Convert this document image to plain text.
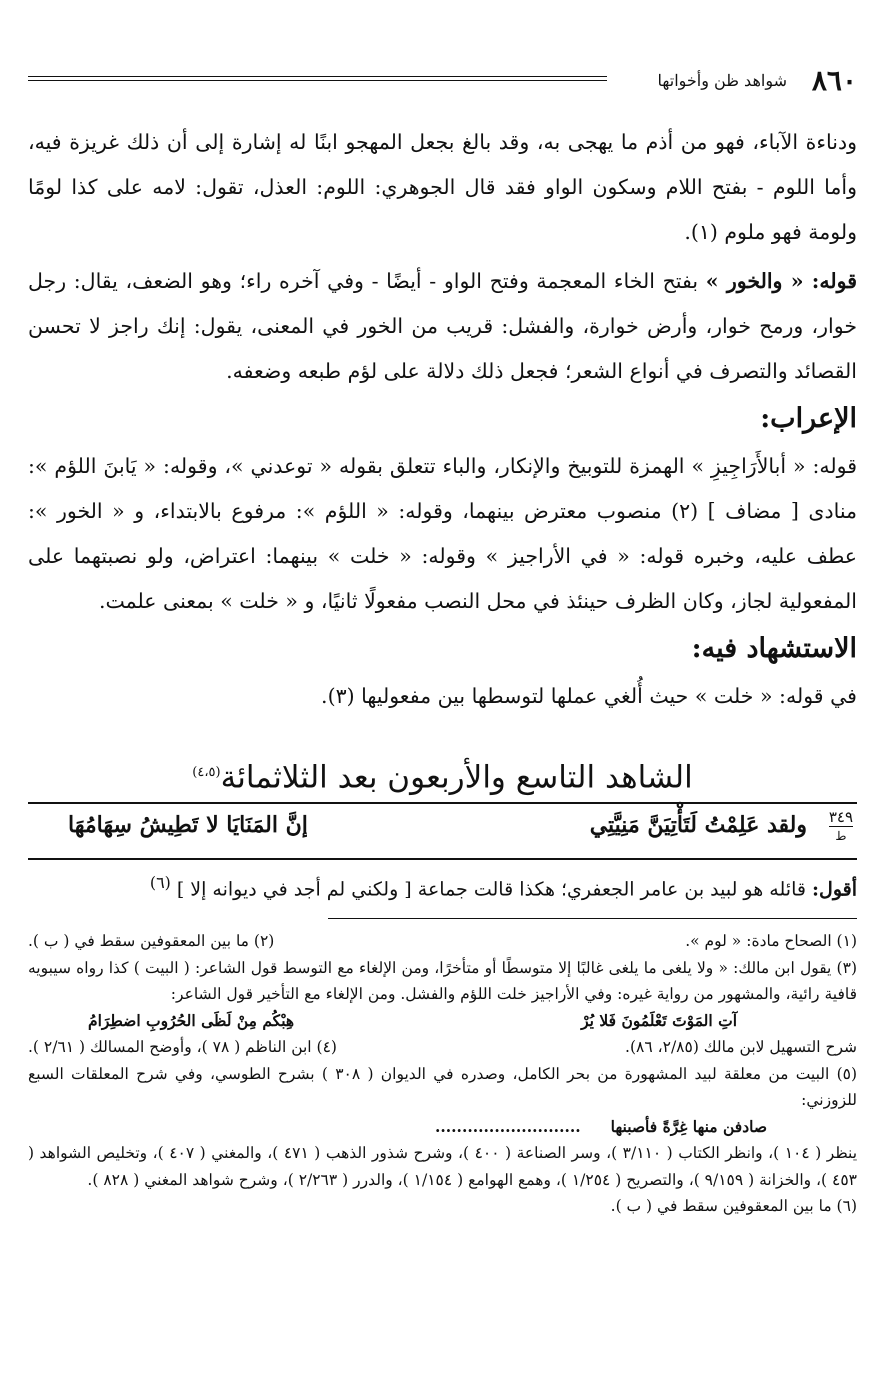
٨٦٠
شواهد ظن وأخواتها

ودناءة الآباء، فهو من أذم ما يهجى به، وقد بالغ بجعل المهجو ابنًا له إشارة إلى أن ذلك غريزة فيه، وأما اللوم - بفتح اللام وسكون الواو فقد قال الجوهري: اللوم: العذل، تقول: لامه على كذا لومًا ولومة فهو ملوم (١).

قوله: « والخور » بفتح الخاء المعجمة وفتح الواو - أيضًا - وفي آخره راء؛ وهو الضعف، يقال: رجل خوار، ورمح خوار، وأرض خوارة، والفشل: قريب من الخور في المعنى، يقول: إنك راجز لا تحسن القصائد والتصرف في أنواع الشعر؛ فجعل ذلك دلالة على لؤم طبعه وضعفه.

الإعراب:

قوله: « أبالأَرَاجِيزِ » الهمزة للتوبيخ والإنكار، والباء تتعلق بقوله « توعدني »، وقوله: « يَابنَ اللؤم »: منادى [ مضاف ] (٢) منصوب معترض بينهما، وقوله: « اللؤم »: مرفوع بالابتداء، و « الخور »: عطف عليه، وخبره قوله: « في الأراجيز » وقوله: « خلت » بينهما: اعتراض، ولو نصبتهما على المفعولية لجاز، وكان الظرف حينئذ في محل النصب مفعولًا ثانيًا، و « خلت » بمعنى علمت.

الاستشهاد فيه:

في قوله: « خلت » حيث أُلغي عملها لتوسطها بين مفعوليها (٣).

الشاهد التاسع والأربعون بعد الثلاثمائة$^{(٤،٥)}$
٣٤٩
ط
ولقد عَلِمْتُ لَتَأْتِيَنَّ مَنِيَّتِي
إنَّ المَنَايَا لا تَطِيشُ سِهَامُهَا
أقول: قائله هو لبيد بن عامر الجعفري؛ هكذا قالت جماعة [ ولكني لم أجد في ديوانه إلا ] $^{(٦)}$
(١) الصحاح مادة: « لوم ».
(٢) ما بين المعقوفين سقط في ( ب ).

(٣) يقول ابن مالك: « ولا يلغى ما يلغى غالبًا إلا متوسطًا أو متأخرًا، ومن الإلغاء مع التوسط قول الشاعر: ( البيت ) كذا رواه سيبويه قافية رائية، والمشهور من رواية غيره: وفي الأراجيز خلت اللؤم والفشل. ومن الإلغاء مع التأخير قول الشاعر:

آتِ المَوْتَ تَعْلَمُونَ فَلا يُرْ
هِبْكُم مِنْ لَظَى الحُرُوبِ اضطِرَامُ
شرح التسهيل لابن مالك (٢/٨٥، ٨٦).
(٤) ابن الناظم ( ٧٨ )، وأوضح المسالك ( ٢/٦١ ).

(٥) البيت من معلقة لبيد المشهورة من بحر الكامل، وصدره في الديوان ( ٣٠٨ ) بشرح الطوسي، وفي شرح المعلقات السبع للزوزني:

صادفن منها غِرَّةً فأصبنها...........................

ينظر ( ١٠٤ )، وانظر الكتاب ( ٣/١١٠ )، وسر الصناعة ( ٤٠٠ )، وشرح شذور الذهب ( ٤٧١ )، والمغني ( ٤٠٧ )، وتخليص الشواهد ( ٤٥٣ )، والخزانة ( ٩/١٥٩ )، والتصريح ( ١/٢٥٤ )، وهمع الهوامع ( ١/١٥٤ )، والدرر ( ٢/٢٦٣ )، وشرح شواهد المغني ( ٨٢٨ ).

(٦) ما بين المعقوفين سقط في ( ب ).
